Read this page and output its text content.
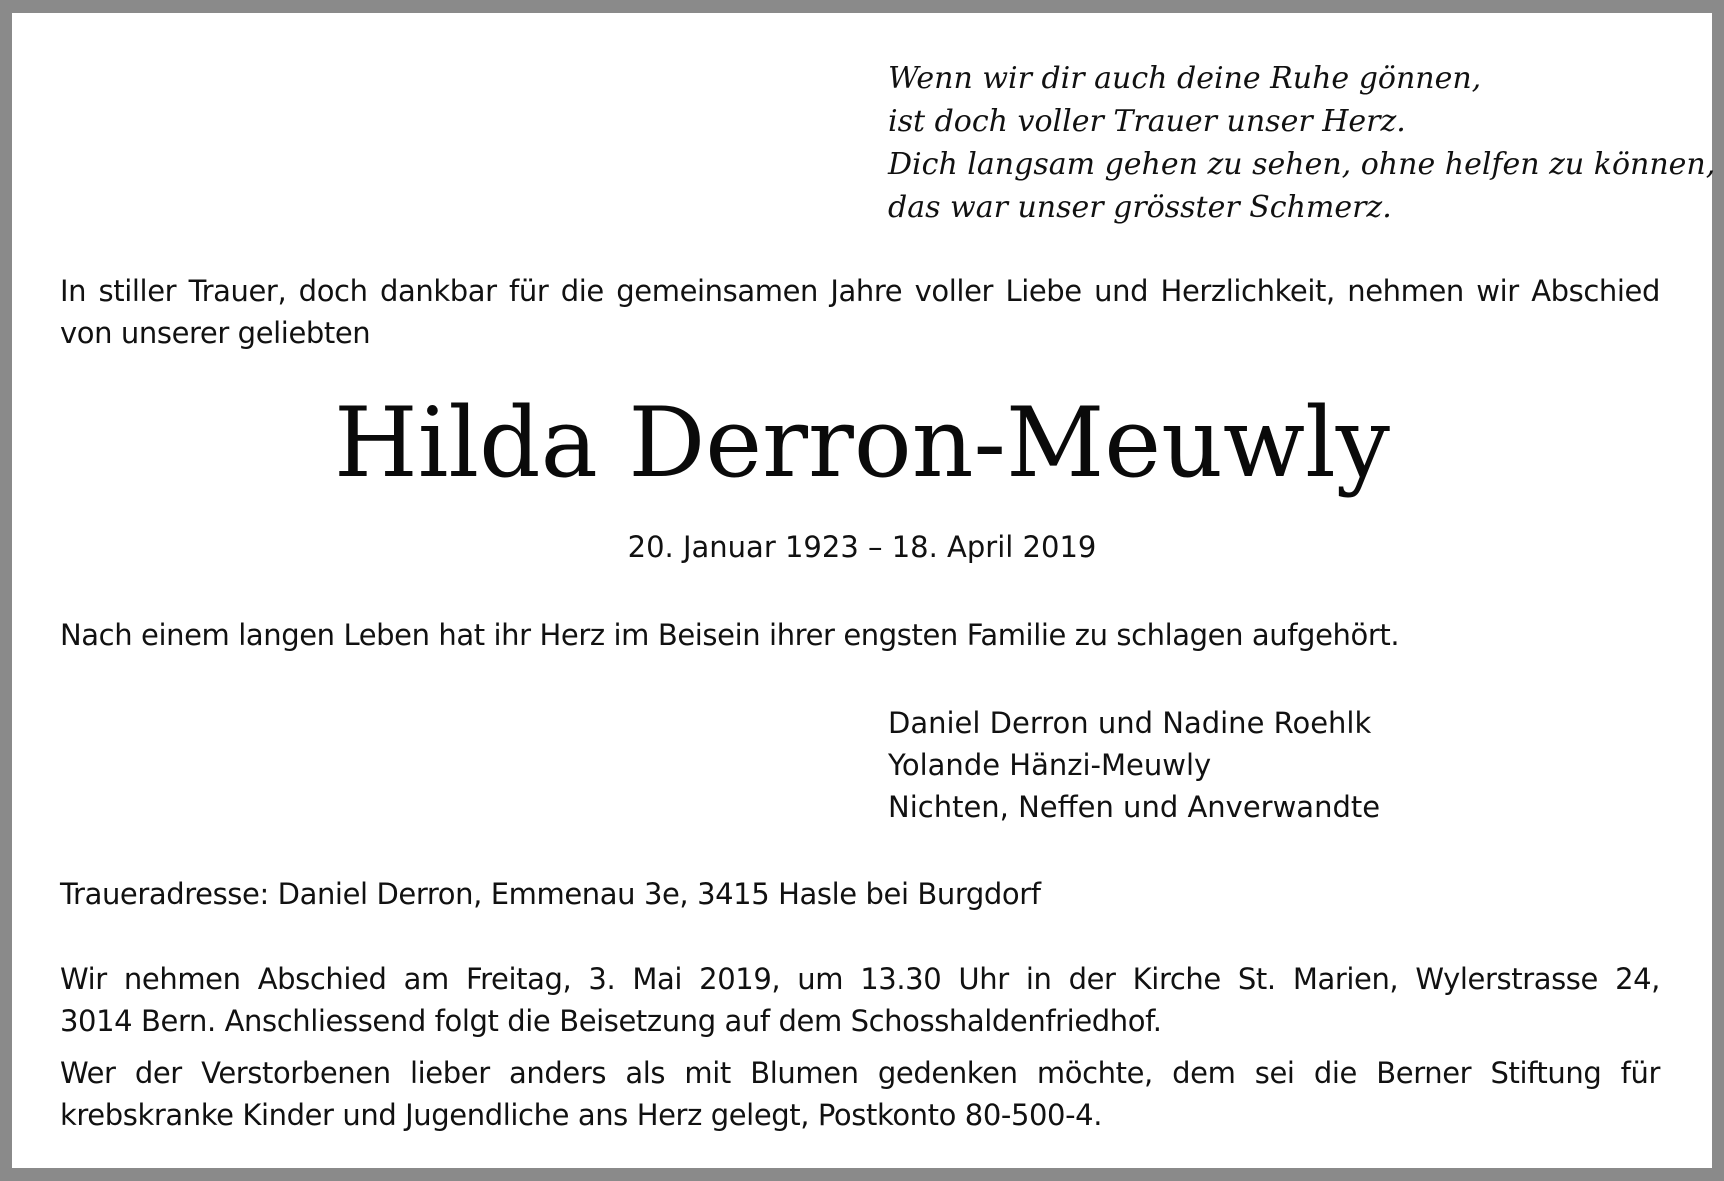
Wenn wir dir auch deine Ruhe gönnen,
ist doch voller Trauer unser Herz.
Dich langsam gehen zu sehen, ohne helfen zu können,
das war unser grösster Schmerz.
In stiller Trauer, doch dankbar für die gemeinsamen Jahre voller Liebe und Herzlichkeit, nehmen wir Abschied
von unserer geliebten
Hilda Derron-Meuwly
20. Januar 1923 – 18. April 2019
Nach einem langen Leben hat ihr Herz im Beisein ihrer engsten Familie zu schlagen aufgehört.
Daniel Derron und Nadine Roehlk
Yolande Hänzi-Meuwly
Nichten, Neffen und Anverwandte
Traueradresse: Daniel Derron, Emmenau 3e, 3415 Hasle bei Burgdorf
Wir nehmen Abschied am Freitag, 3. Mai 2019, um 13.30 Uhr in der Kirche St. Marien, Wylerstrasse 24,
3014 Bern. Anschliessend folgt die Beisetzung auf dem Schosshaldenfriedhof.
Wer der Verstorbenen lieber anders als mit Blumen gedenken möchte, dem sei die Berner Stiftung für
krebskranke Kinder und Jugendliche ans Herz gelegt, Postkonto 80-500-4.
